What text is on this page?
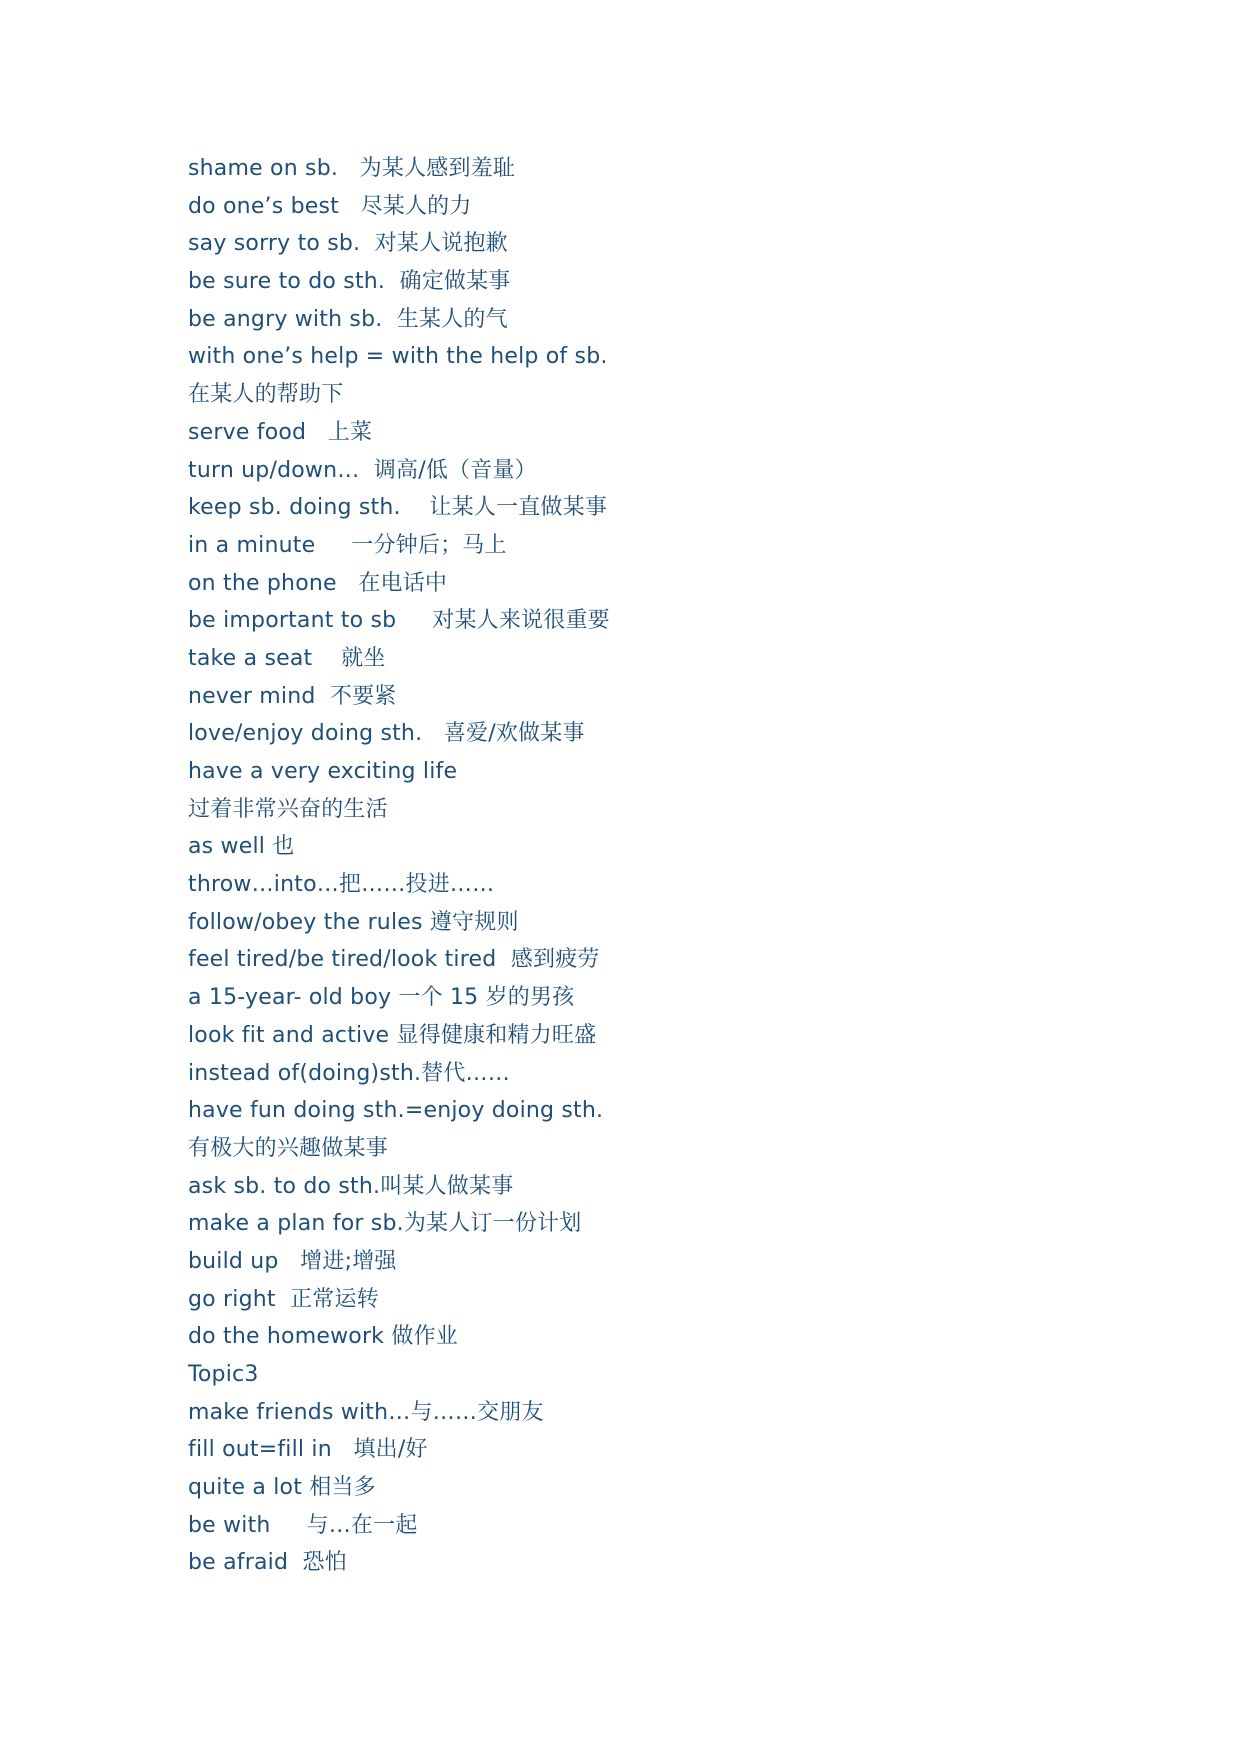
shame on sb.   为某人感到羞耻
do one’s best   尽某人的力
say sorry to sb.  对某人说抱歉
be sure to do sth.  确定做某事
be angry with sb.  生某人的气
with one’s help = with the help of sb.
在某人的帮助下
serve food   上菜
turn up/down…  调高/低（音量）
keep sb. doing sth.    让某人一直做某事
in a minute     一分钟后；马上
on the phone   在电话中
be important to sb     对某人来说很重要
take a seat    就坐
never mind  不要紧
love/enjoy doing sth.   喜爱/欢做某事
have a very exciting life
过着非常兴奋的生活
as well 也
throw…into…把……投进……
follow/obey the rules 遵守规则
feel tired/be tired/look tired  感到疲劳
a 15-year- old boy 一个 15 岁的男孩
look fit and active 显得健康和精力旺盛
instead of(doing)sth.替代……
have fun doing sth.=enjoy doing sth.
有极大的兴趣做某事
ask sb. to do sth.叫某人做某事
make a plan for sb.为某人订一份计划
build up   增进;增强
go right  正常运转
do the homework 做作业
Topic3
make friends with…与……交朋友
fill out=fill in   填出/好
quite a lot 相当多
be with     与…在一起
be afraid  恐怕
